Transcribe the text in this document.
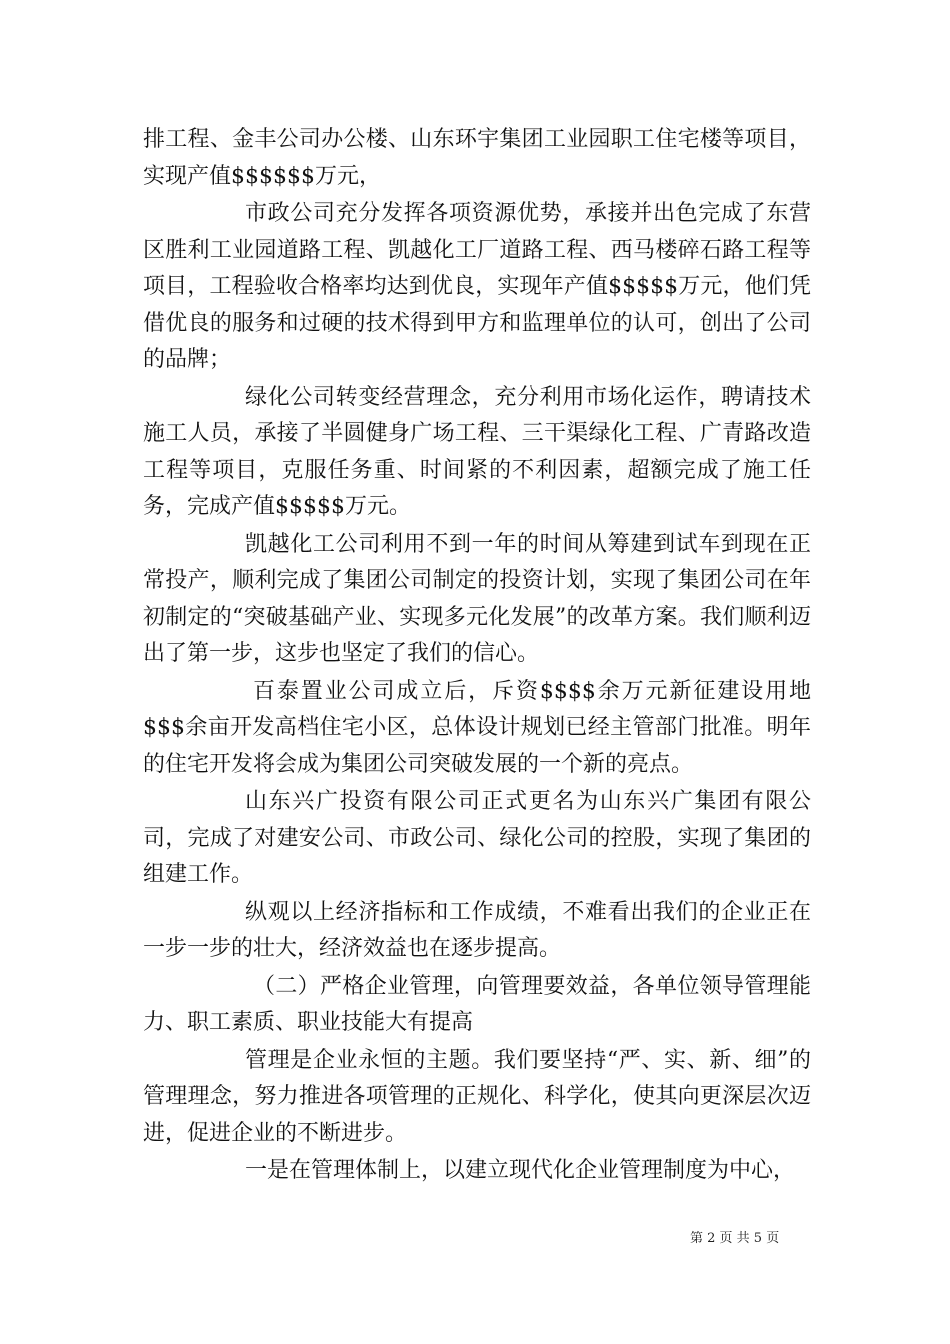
排工程、金丰公司办公楼、山东环宇集团工业园职工住宅楼等项目，实现产值$$$$$$万元，

市政公司充分发挥各项资源优势，承接并出色完成了东营区胜利工业园道路工程、凯越化工厂道路工程、西马楼碎石路工程等项目，工程验收合格率均达到优良，实现年产值$$$$$万元，他们凭借优良的服务和过硬的技术得到甲方和监理单位的认可，创出了公司的品牌；

绿化公司转变经营理念，充分利用市场化运作，聘请技术施工人员，承接了半圆健身广场工程、三干渠绿化工程、广青路改造工程等项目，克服任务重、时间紧的不利因素，超额完成了施工任务，完成产值$$$$$万元。

凯越化工公司利用不到一年的时间从筹建到试车到现在正常投产，顺利完成了集团公司制定的投资计划，实现了集团公司在年初制定的“突破基础产业、实现多元化发展”的改革方案。我们顺利迈出了第一步，这步也坚定了我们的信心。

百泰置业公司成立后，斥资$$$$余万元新征建设用地$$$余亩开发高档住宅小区，总体设计规划已经主管部门批准。明年的住宅开发将会成为集团公司突破发展的一个新的亮点。

山东兴广投资有限公司正式更名为山东兴广集团有限公司，完成了对建安公司、市政公司、绿化公司的控股，实现了集团的组建工作。

纵观以上经济指标和工作成绩，不难看出我们的企业正在一步一步的壮大，经济效益也在逐步提高。

（二）严格企业管理，向管理要效益，各单位领导管理能力、职工素质、职业技能大有提高

管理是企业永恒的主题。我们要坚持“严、实、新、细”的管理理念，努力推进各项管理的正规化、科学化，使其向更深层次迈进，促进企业的不断进步。

一是在管理体制上，以建立现代化企业管理制度为中心，

第 2 页 共 5 页
